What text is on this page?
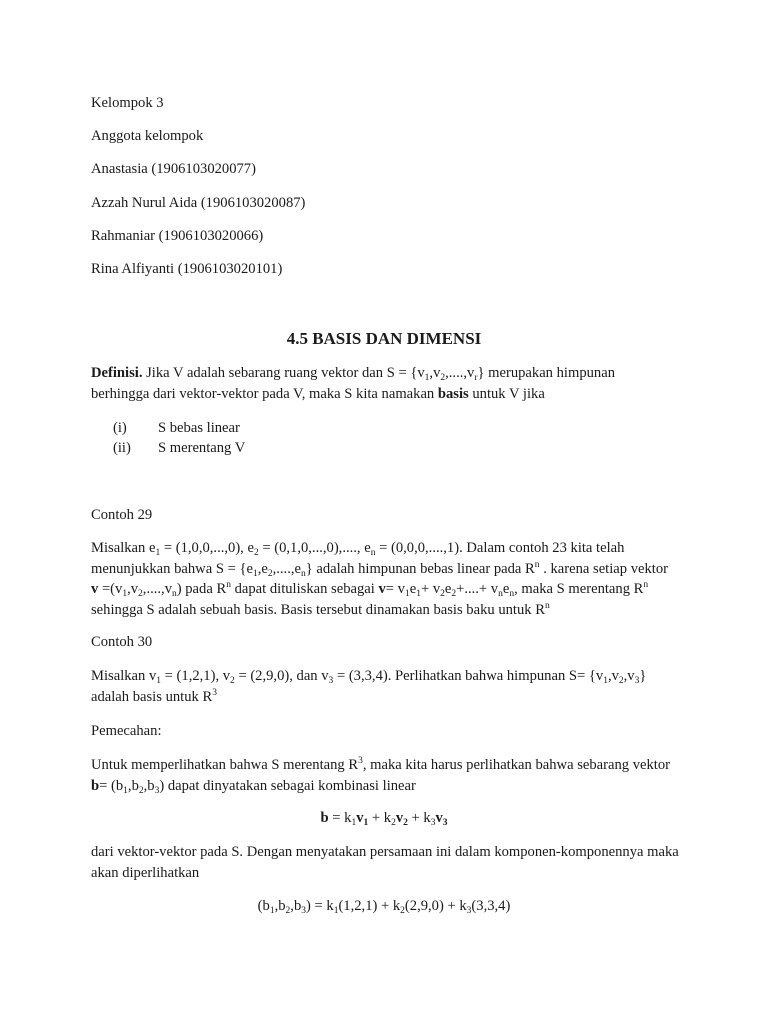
Kelompok 3
Anggota kelompok
Anastasia (1906103020077)
Azzah Nurul Aida (1906103020087)
Rahmaniar (1906103020066)
Rina Alfiyanti (1906103020101)
4.5 BASIS DAN DIMENSI
Definisi. Jika V adalah sebarang ruang vektor dan $S = \{v_1,v_2,....,v_r\}$ merupakan himpunan berhingga dari vektor-vektor pada V, maka S kita namakan basis untuk V jika
(i) S bebas linear
(ii) S merentang V
Contoh 29
Misalkan $e_1 = (1,0,0,...,0)$, $e_2 = (0,1,0,...,0)$,...., $e_n = (0,0,0,....,1)$. Dalam contoh 23 kita telah menunjukkan bahwa $S = \{e_1,e_2,....,e_n\}$ adalah himpunan bebas linear pada $R^n$ . karena setiap vektor $v =(v_1,v_2,....,v_n)$ pada $R^n$ dapat dituliskan sebagai $v= v_1e_1+ v_2e_2+....+ v_ne_n$, maka S merentang $R^n$ sehingga S adalah sebuah basis. Basis tersebut dinamakan basis baku untuk $R^n$
Contoh 30
Misalkan $v_1 = (1,2,1)$, $v_2 = (2,9,0)$, dan $v_3 = (3,3,4)$. Perlihatkan bahwa himpunan $S= \{v_1,v_2,v_3\}$ adalah basis untuk $R^3$
Pemecahan:
Untuk memperlihatkan bahwa S merentang $R^3$, maka kita harus perlihatkan bahwa sebarang vektor $b= (b_1,b_2,b_3)$ dapat dinyatakan sebagai kombinasi linear
$b = k_1v_1 + k_2v_2 + k_3v_3$
dari vektor-vektor pada S. Dengan menyatakan persamaan ini dalam komponen-komponennya maka akan diperlihatkan
$(b_1,b_2,b_3) = k_1(1,2,1) + k_2(2,9,0) + k_3(3,3,4)$
